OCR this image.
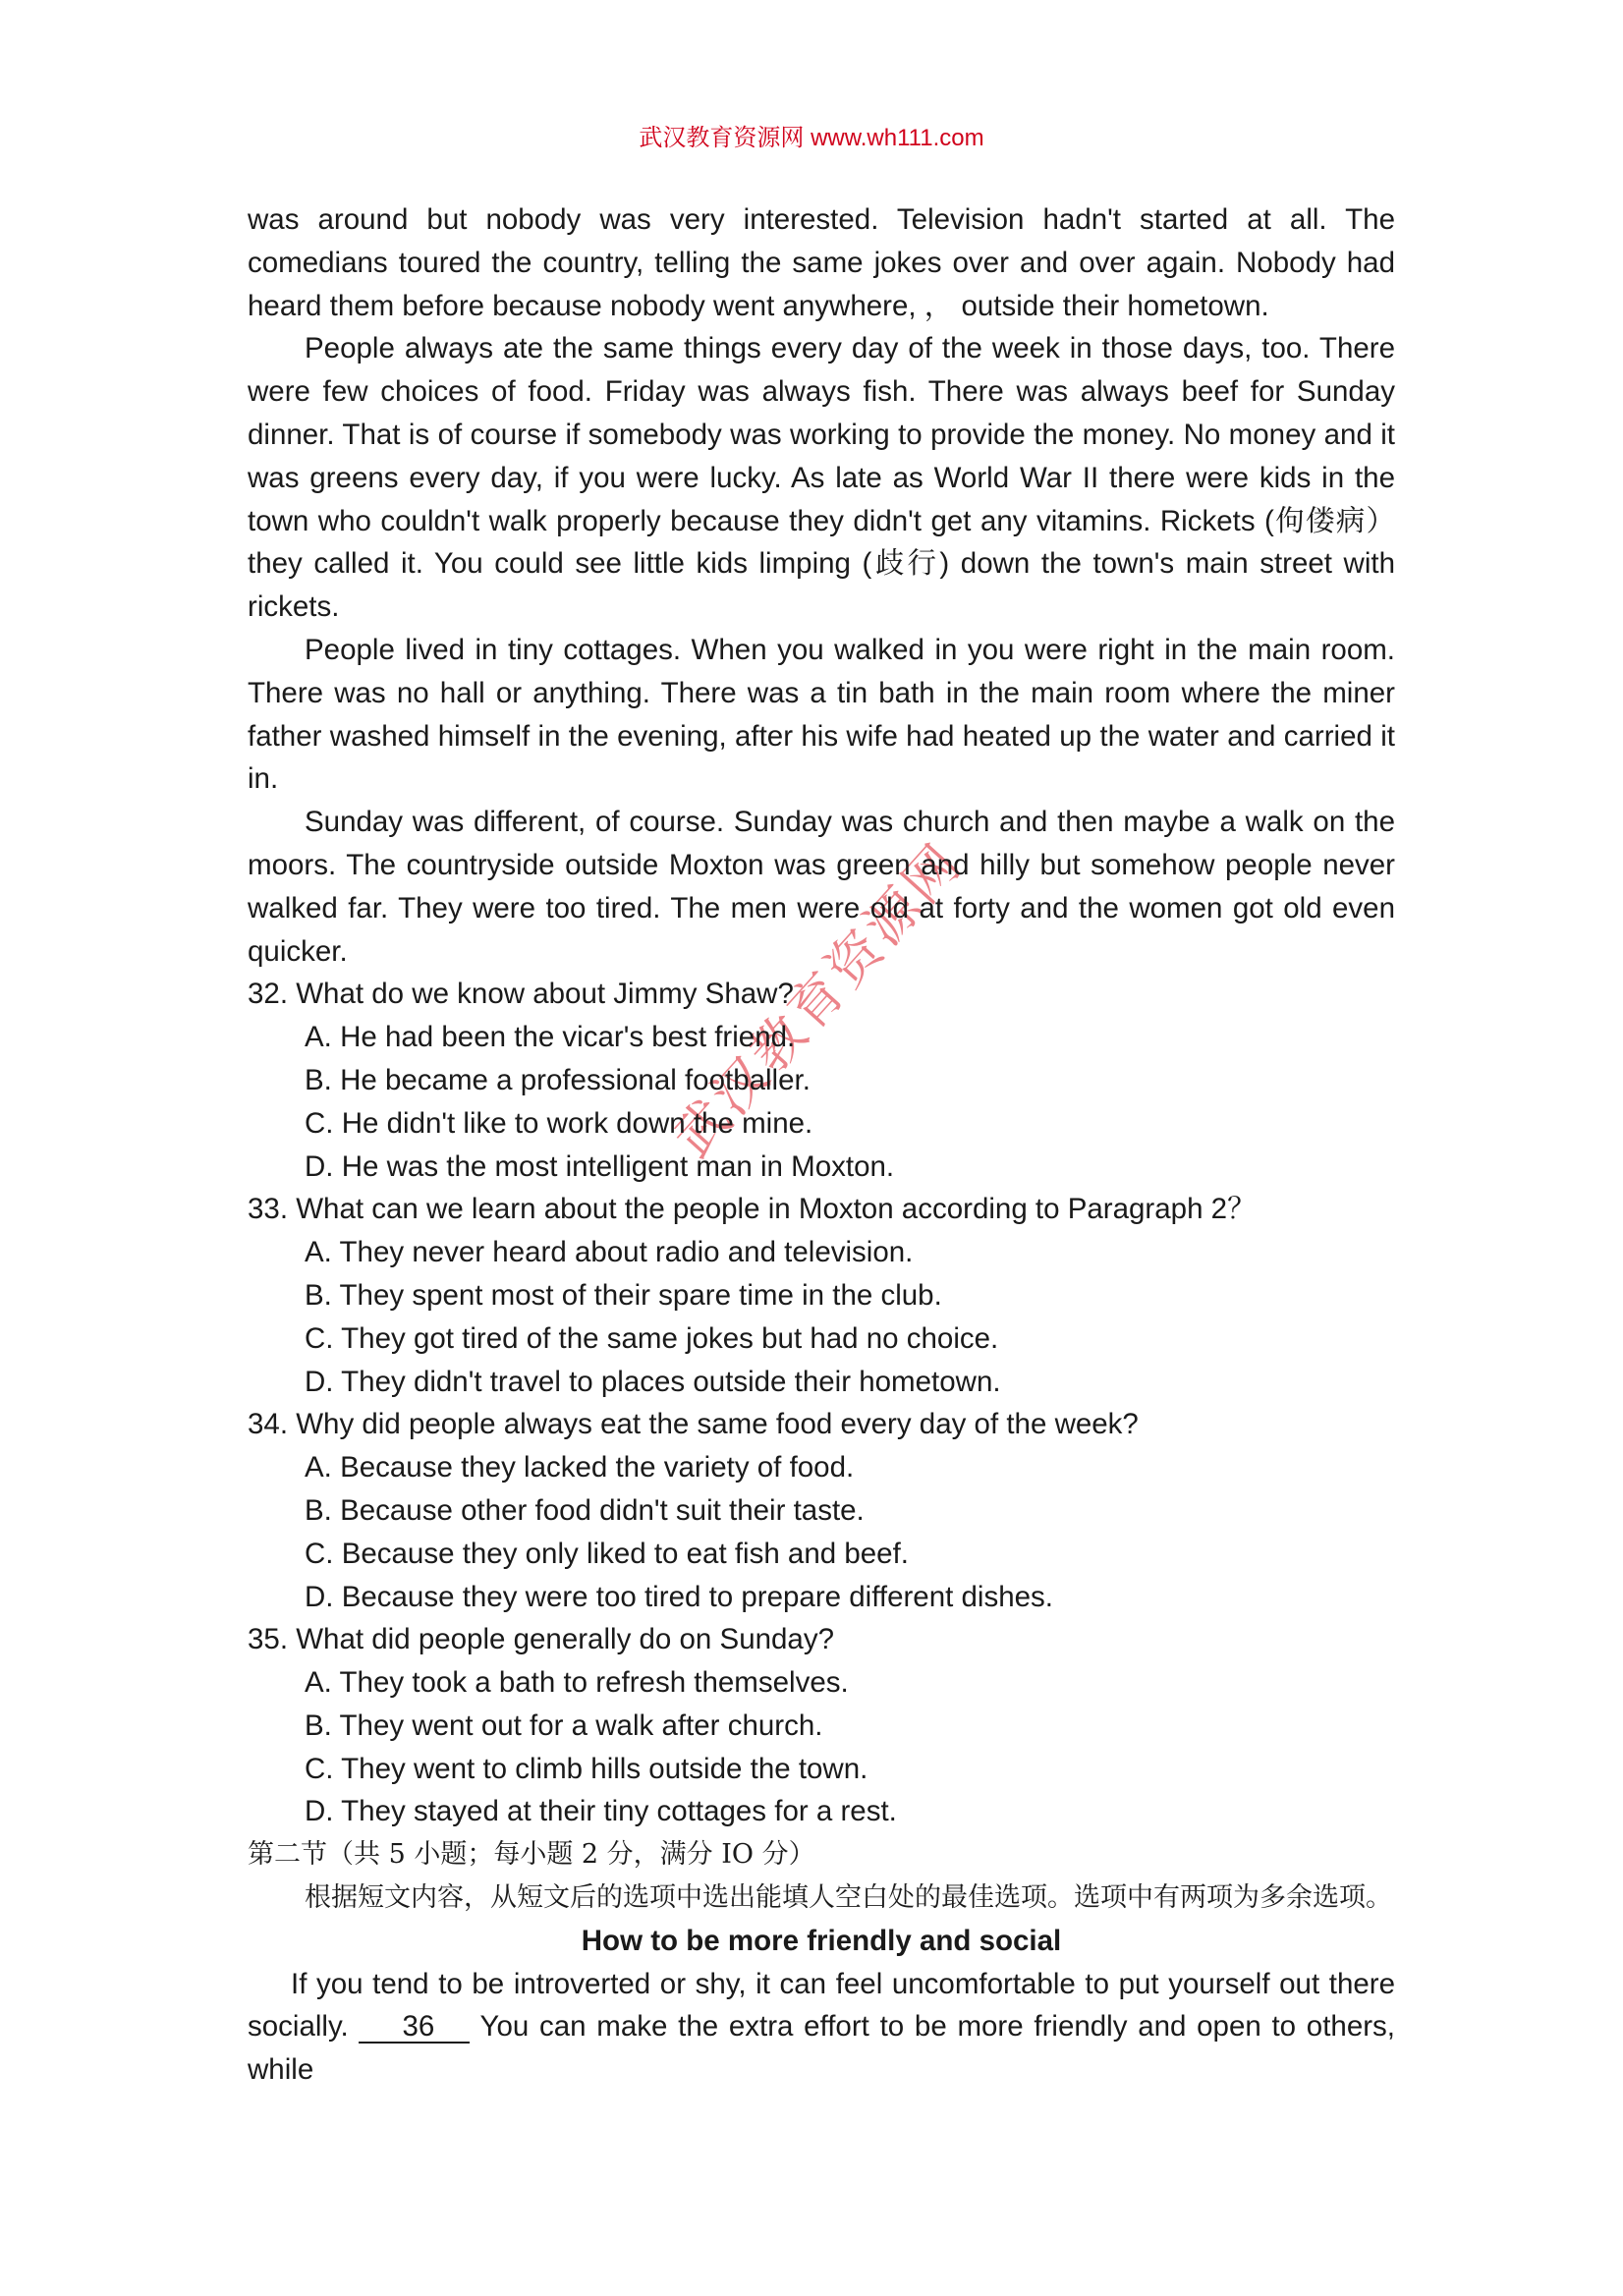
武汉教育资源网 www.wh111.com
武汉教育资源网

was around but nobody was very interested. Television hadn't started at all. The comedians toured the country, telling the same jokes over and over again. Nobody had heard them before because nobody went anywhere, ， outside their hometown.

People always ate the same things every day of the week in those days, too. There were few choices of food. Friday was always fish. There was always beef for Sunday dinner. That is of course if somebody was working to provide the money. No money and it was greens every day, if you were lucky. As late as World War II there were kids in the town who couldn't walk properly because they didn't get any vitamins. Rickets (佝偻病） they called it. You could see little kids limping (歧行) down the town's main street with rickets.

People lived in tiny cottages. When you walked in you were right in the main room. There was no hall or anything. There was a tin bath in the main room where the miner father washed himself in the evening, after his wife had heated up the water and carried it in.

Sunday was different, of course. Sunday was church and then maybe a walk on the moors. The countryside outside Moxton was green and hilly but somehow people never walked far. They were too tired. The men were old at forty and the women got old even quicker.

32. What do we know about Jimmy Shaw?

A. He had been the vicar's best friend.

B. He became a professional footballer.

C. He didn't like to work down the mine.

D. He was the most intelligent man in Moxton.

33. What can we learn about the people in Moxton according to Paragraph 2？

A. They never heard about radio and television.

B. They spent most of their spare time in the club.

C. They got tired of the same jokes but had no choice.

D. They didn't travel to places outside their hometown.

34. Why did people always eat the same food every day of the week?

A. Because they lacked the variety of food.

B. Because other food didn't suit their taste.

C. Because they only liked to eat fish and beef.

D. Because they were too tired to prepare different dishes.

35. What did people generally do on Sunday?

A. They took a bath to refresh themselves.

B. They went out for a walk after church.

C. They went to climb hills outside the town.

D. They stayed at their tiny cottages for a rest.

第二节（共 5 小题；每小题 2 分，满分 IO 分）

根据短文内容，从短文后的选项中选出能填人空白处的最佳选项。选项中有两项为多余选项。

How to be more friendly and social

If you tend to be introverted or shy, it can feel uncomfortable to put yourself out there socially. 36 You can make the extra effort to be more friendly and open to others, while
